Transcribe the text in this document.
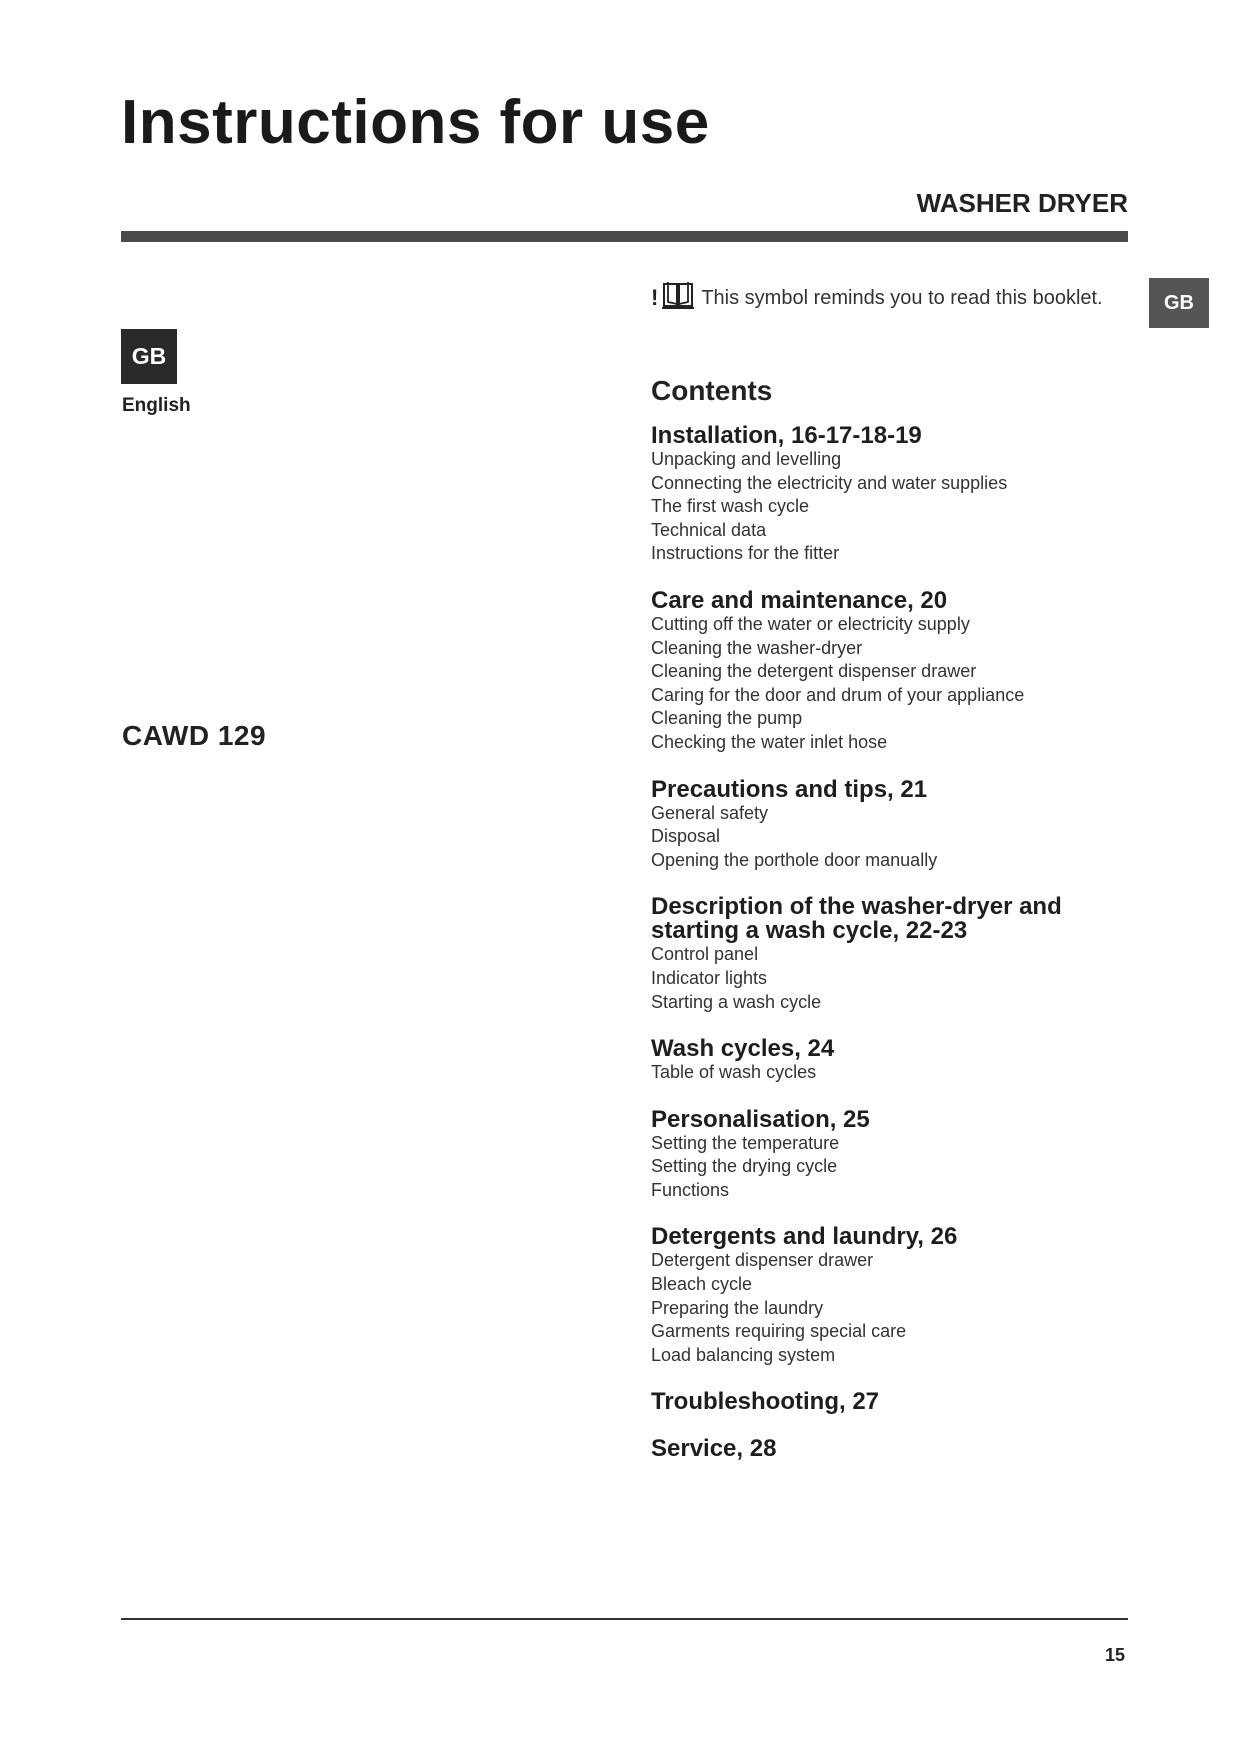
Instructions for use
WASHER DRYER
GB
GB
English
CAWD 129
! This symbol reminds you to read this booklet.
Contents
Installation, 16-17-18-19
Unpacking and levelling
Connecting the electricity and water supplies
The first wash cycle
Technical data
Instructions for the fitter
Care and maintenance, 20
Cutting off the water or electricity supply
Cleaning the washer-dryer
Cleaning the detergent dispenser drawer
Caring for the door and drum of your appliance
Cleaning the pump
Checking the water inlet hose
Precautions and tips, 21
General safety
Disposal
Opening the porthole door manually
Description of the washer-dryer and
starting a wash cycle, 22-23
Control panel
Indicator lights
Starting a wash cycle
Wash cycles, 24
Table of wash cycles
Personalisation, 25
Setting the temperature
Setting the drying cycle
Functions
Detergents and laundry, 26
Detergent dispenser drawer
Bleach cycle
Preparing the laundry
Garments requiring special care
Load balancing system
Troubleshooting, 27
Service, 28
15
